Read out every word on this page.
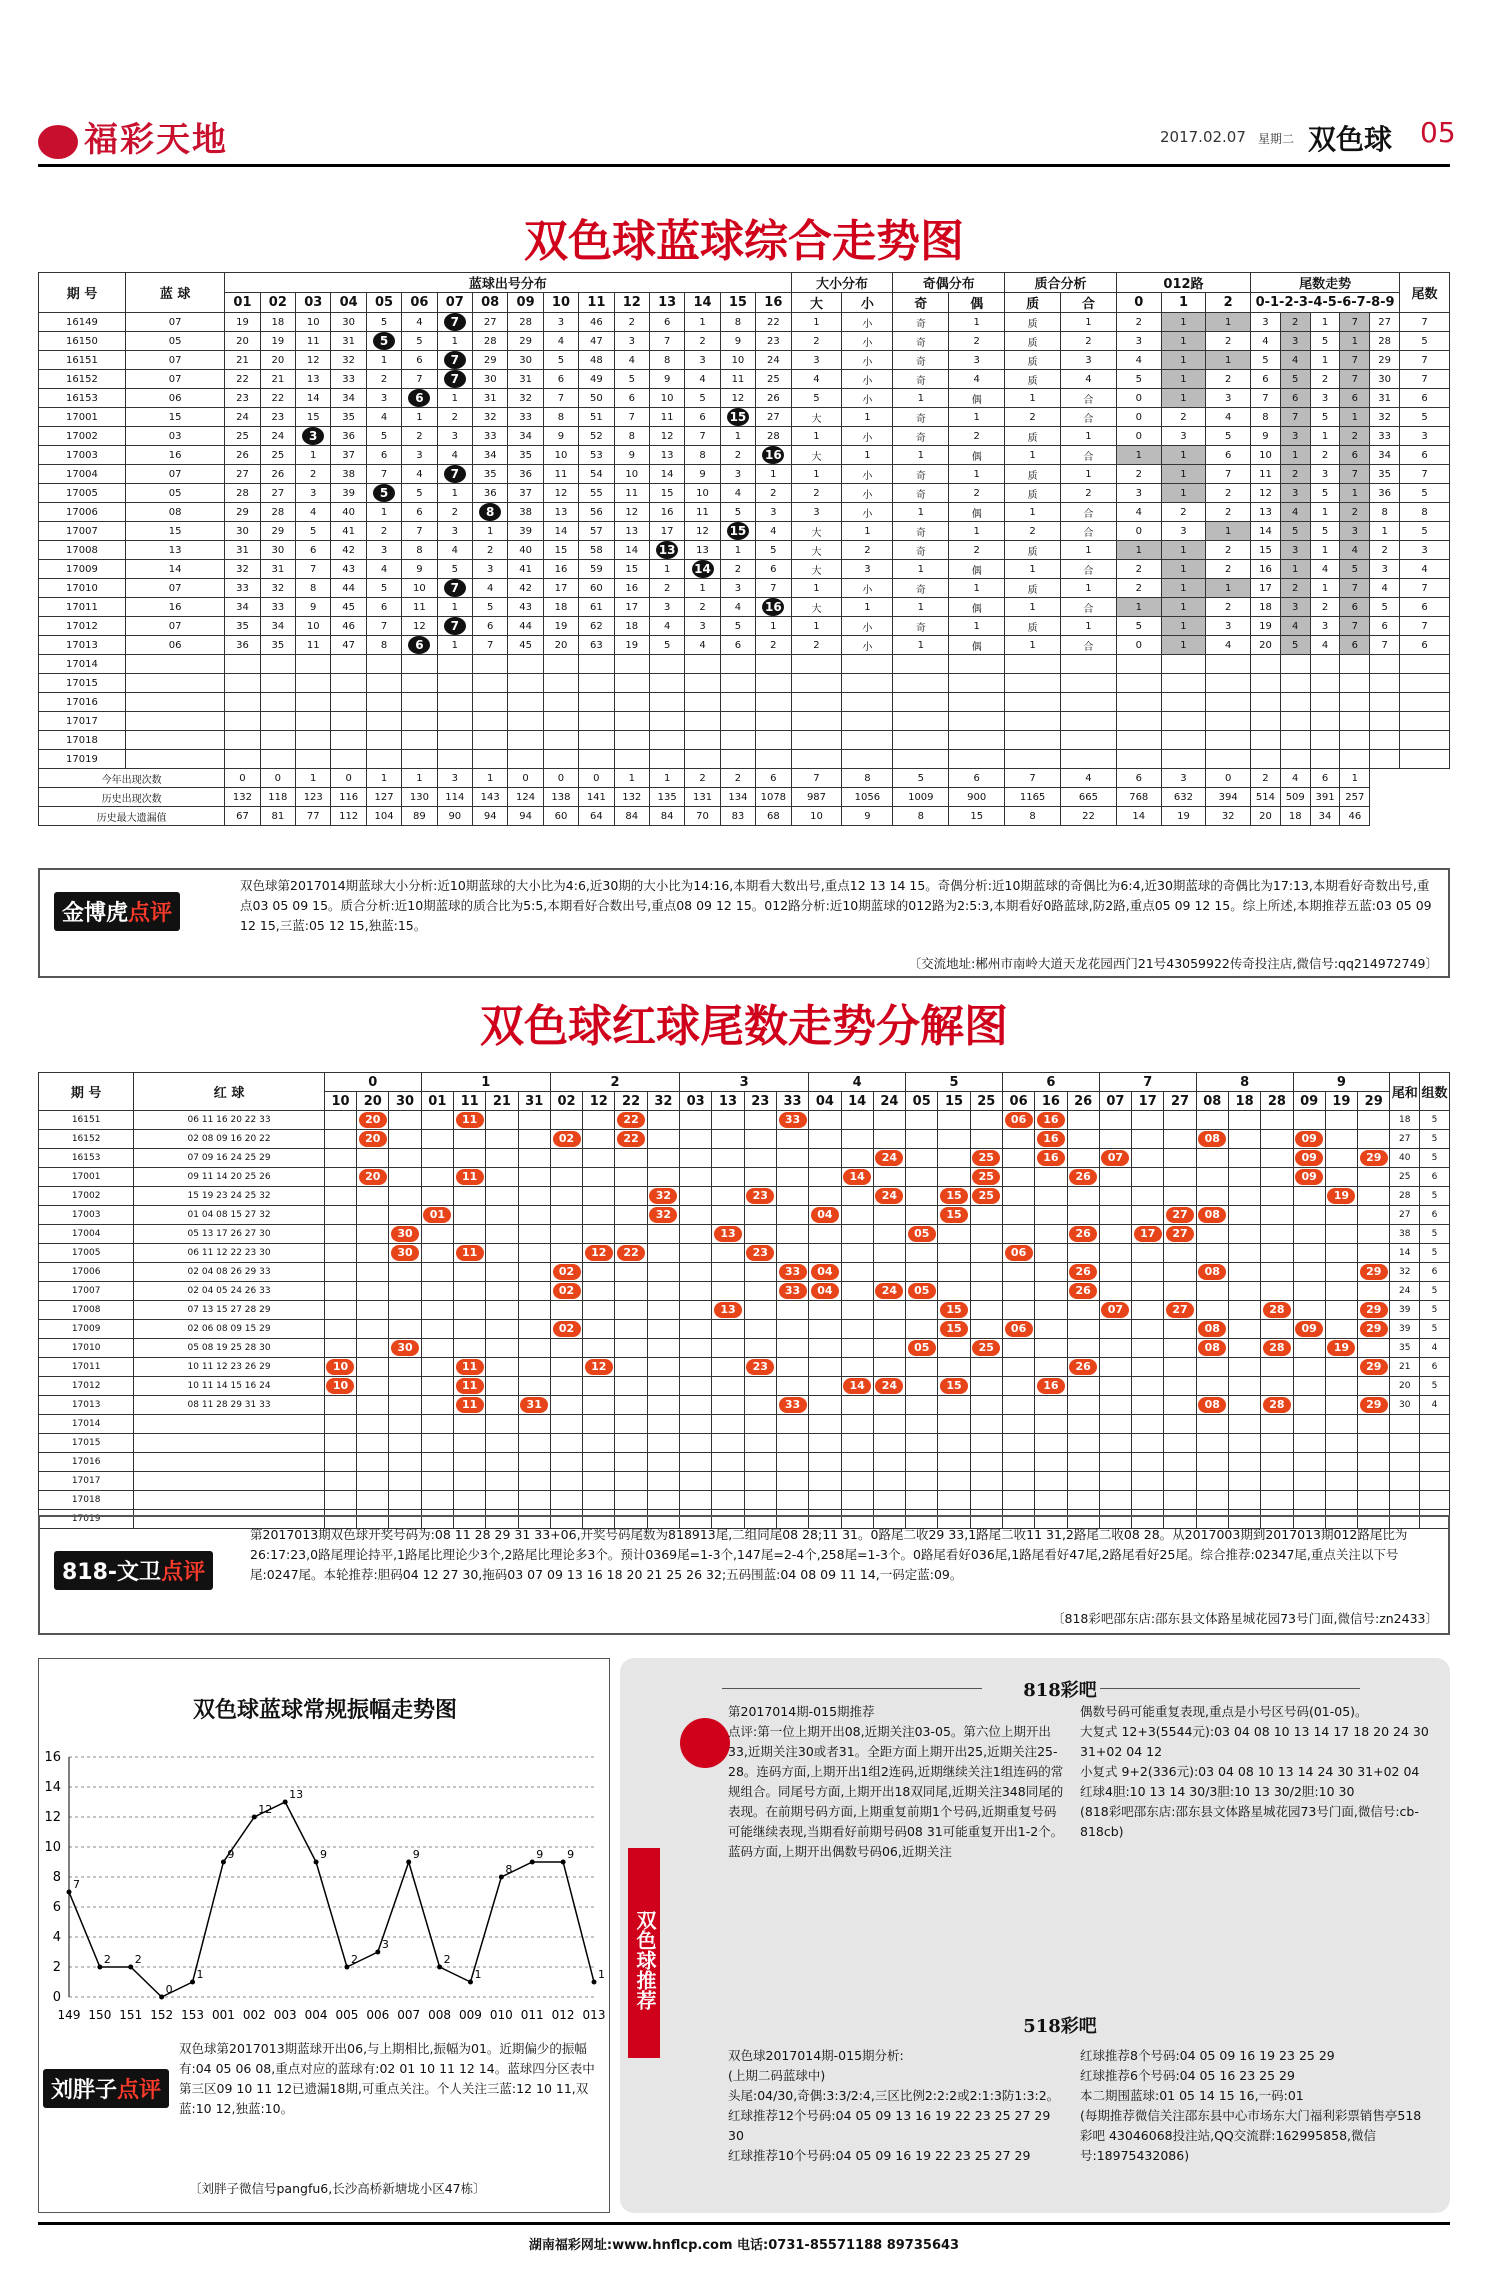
福彩天地	2017.02.07 星期二 双色球 05
双色球蓝球综合走势图
期 号	蓝 球	蓝球出号分布																大小分布		奇偶分布		质合分析		012路			尾数走势					尾数
		01	02	03	04	05	06	07	08	09	10	11	12	13	14	15	16	大	小	奇	偶	质	合	0	1	2	0-1-2-3-4-5-6-7-8-9					
16149	07	19	18	10	30	5	4	7	27	28	3	46	2	6	1	8	22	1	小	奇	1	质	1	2	1	1	3	2	1	7	27	7
16150	05	20	19	11	31	5	5	1	28	29	4	47	3	7	2	9	23	2	小	奇	2	质	2	3	1	2	4	3	5	1	28	5
16151	07	21	20	12	32	1	6	7	29	30	5	48	4	8	3	10	24	3	小	奇	3	质	3	4	1	1	5	4	1	7	29	7
16152	07	22	21	13	33	2	7	7	30	31	6	49	5	9	4	11	25	4	小	奇	4	质	4	5	1	2	6	5	2	7	30	7
16153	06	23	22	14	34	3	6	1	31	32	7	50	6	10	5	12	26	5	小	1	偶	1	合	0	1	3	7	6	3	6	31	6
17001	15	24	23	15	35	4	1	2	32	33	8	51	7	11	6	15	27	大	1	奇	1	2	合	0	2	4	8	7	5	1	32	5
17002	03	25	24	3	36	5	2	3	33	34	9	52	8	12	7	1	28	1	小	奇	2	质	1	0	3	5	9	3	1	2	33	3
17003	16	26	25	1	37	6	3	4	34	35	10	53	9	13	8	2	16	大	1	1	偶	1	合	1	1	6	10	1	2	6	34	6
17004	07	27	26	2	38	7	4	7	35	36	11	54	10	14	9	3	1	1	小	奇	1	质	1	2	1	7	11	2	3	7	35	7
17005	05	28	27	3	39	5	5	1	36	37	12	55	11	15	10	4	2	2	小	奇	2	质	2	3	1	2	12	3	5	1	36	5
17006	08	29	28	4	40	1	6	2	8	38	13	56	12	16	11	5	3	3	小	1	偶	1	合	4	2	2	13	4	1	2	8	8
17007	15	30	29	5	41	2	7	3	1	39	14	57	13	17	12	15	4	大	1	奇	1	2	合	0	3	1	14	5	5	3	1	5
17008	13	31	30	6	42	3	8	4	2	40	15	58	14	13	13	1	5	大	2	奇	2	质	1	1	1	2	15	3	1	4	2	3
17009	14	32	31	7	43	4	9	5	3	41	16	59	15	1	14	2	6	大	3	1	偶	1	合	2	1	2	16	1	4	5	3	4
17010	07	33	32	8	44	5	10	7	4	42	17	60	16	2	1	3	7	1	小	奇	1	质	1	2	1	1	17	2	1	7	4	7
17011	16	34	33	9	45	6	11	1	5	43	18	61	17	3	2	4	16	大	1	1	偶	1	合	1	1	2	18	3	2	6	5	6
17012	07	35	34	10	46	7	12	7	6	44	19	62	18	4	3	5	1	1	小	奇	1	质	1	5	1	3	19	4	3	7	6	7
17013	06	36	35	11	47	8	6	1	7	45	20	63	19	5	4	6	2	2	小	1	偶	1	合	0	1	4	20	5	4	6	7	6
17014																																
17015																																
17016																																
17017																																
17018																																
17019																																
今年出现次数		0	0	1	0	1	1	3	1	0	0	0	1	1	2	2	6	7	8	5	6	7	4	6	3	0	2	4	6	1		
历史出现次数		132	118	123	116	127	130	114	143	124	138	141	132	135	131	134	1078	987	1056	1009	900	1165	665	768	632	394	514	509	391	257		
历史最大遗漏值		67	81	77	112	104	89	90	94	94	60	64	84	84	70	83	68	10	9	8	15	8	22	14	19	32	20	18	34	46		
金博虎点评
双色球第2017014期蓝球大小分析:近10期蓝球的大小比为4:6,近30期的大小比为14:16,本期看大数出号,重点12 13 14 15。奇偶分析:近10期蓝球的奇偶比为6:4,近30期蓝球的奇偶比为17:13,本期看好奇数出号,重点03 05 09 15。质合分析:近10期蓝球的质合比为5:5,本期看好合数出号,重点08 09 12 15。012路分析:近10期蓝球的012路为2:5:3,本期看好0路蓝球,防2路,重点05 09 12 15。综上所述,本期推荐五蓝:03 05 09 12 15,三蓝:05 12 15,独蓝:15。
〔交流地址:郴州市南岭大道天龙花园西门21号43059922传奇投注店,微信号:qq214972749〕
双色球红球尾数走势分解图
期 号	红 球	0			1				2				3				4			5			6			7			8			9			尾和	组数
		10	20	30	01	11	21	31	02	12	22	32	03	13	23	33	04	14	24	05	15	25	06	16	26	07	17	27	08	18	28	09	19	29		
16151	06 11 16 20 22 33		20			11					22					33							06	16											18	5
16152	02 08 09 16 20 22		20						02		22													16					08			09			27	5
16153	07 09 16 24 25 29																		24			25		16		07						09		29	40	5
17001	09 11 14 20 25 26		20			11												14				25			26							09			25	6
17002	15 19 23 24 25 32											32			23				24		15	25											19		28	5
17003	01 04 08 15 27 32				01							32					04				15							27	08						27	6
17004	05 13 17 26 27 30			30										13						05					26		17	27							38	5
17005	06 11 12 22 23 30			30		11				12	22				23								06												14	5
17006	02 04 08 26 29 33								02							33	04								26				08					29	32	6
17007	02 04 05 24 26 33								02							33	04		24	05					26										24	5
17008	07 13 15 27 28 29													13							15					07		27			28			29	39	5
17009	02 06 08 09 15 29								02												15		06						08			09		29	39	5
17010	05 08 19 25 28 30			30																05		25							08		28		19		35	4
17011	10 11 12 23 26 29	10				11				12					23										26									29	21	6
17012	10 11 14 15 16 24	10				11												14	24		15			16											20	5
17013	08 11 28 29 31 33					11		31								33													08		28			29	30	4
17014																																				
17015																																				
17016																																				
17017																																				
17018																																				
17019																																				
818-文卫点评
第2017013期双色球开奖号码为:08 11 28 29 31 33+06,开奖号码尾数为818913尾,二组同尾08 28;11 31。0路尾二收29 33,1路尾二收11 31,2路尾二收08 28。从2017003期到2017013期012路尾比为26:17:23,0路尾理论持平,1路尾比理论少3个,2路尾比理论多3个。预计0369尾=1-3个,147尾=2-4个,258尾=1-3个。0路尾看好036尾,1路尾看好47尾,2路尾看好25尾。综合推荐:02347尾,重点关注以下号尾:0247尾。本轮推荐:胆码04 12 27 30,拖码03 07 09 13 16 18 20 21 25 26 32;五码围蓝:04 08 09 11 14,一码定蓝:09。
〔818彩吧邵东店:邵东县文体路星城花园73号门面,微信号:zn2433〕
双色球蓝球常规振幅走势图
0
2
4
6
8
10
12
14
16
7
2 2
0
1
9
12
13
9
2
3
9
2
1
8
9 9
1
149 150 151 152 153 001 002 003 004 005 006 007 008 009 010 011 012 013
刘胖子点评
双色球第2017013期蓝球开出06,与上期相比,振幅为01。近期偏少的振幅有:04 05 06 08,重点对应的蓝球有:02 01 10 11 12 14。蓝球四分区表中第三区09 10 11 12已遗漏18期,可重点关注。个人关注三蓝:12 10 11,双蓝:10 12,独蓝:10。
〔刘胖子微信号pangfu6,长沙高桥新塘垅小区47栋〕
双色球推荐
818彩吧
第2017014期-015期推荐
点评:第一位上期开出08,近期关注03-05。第六位上期开出33,近期关注30或者31。全距方面上期开出25,近期关注25-28。连码方面,上期开出1组2连码,近期继续关注1组连码的常规组合。同尾号方面,上期开出18双同尾,近期关注348同尾的表现。在前期号码方面,上期重复前期1个号码,近期重复号码可能继续表现,当期看好前期号码08 31可能重复开出1-2个。蓝码方面,上期开出偶数号码06,近期关注
偶数号码可能重复表现,重点是小号区号码(01-05)。
大复式 12+3(5544元):03 04 08 10 13 14 17 18 20 24 30 31+02 04 12
小复式 9+2(336元):03 04 08 10 13 14 24 30 31+02 04
红球4胆:10 13 14 30/3胆:10 13 30/2胆:10 30
(818彩吧邵东店:邵东县文体路星城花园73号门面,微信号:cb-818cb)
518彩吧
双色球2017014期-015期分析:
(上期二码蓝球中)
头尾:04/30,奇偶:3:3/2:4,三区比例2:2:2或2:1:3防1:3:2。
红球推荐12个号码:04 05 09 13 16 19 22 23 25 27 29 30
红球推荐10个号码:04 05 09 16 19 22 23 25 27 29
红球推荐8个号码:04 05 09 16 19 23 25 29
红球推荐6个号码:04 05 16 23 25 29
本二期围蓝球:01 05 14 15 16,一码:01
(每期推荐微信关注邵东县中心市场东大门福利彩票销售亭518彩吧 43046068投注站,QQ交流群:162995858,微信号:18975432086)
湖南福彩网址:www.hnflcp.com 电话:0731-85571188 89735643
